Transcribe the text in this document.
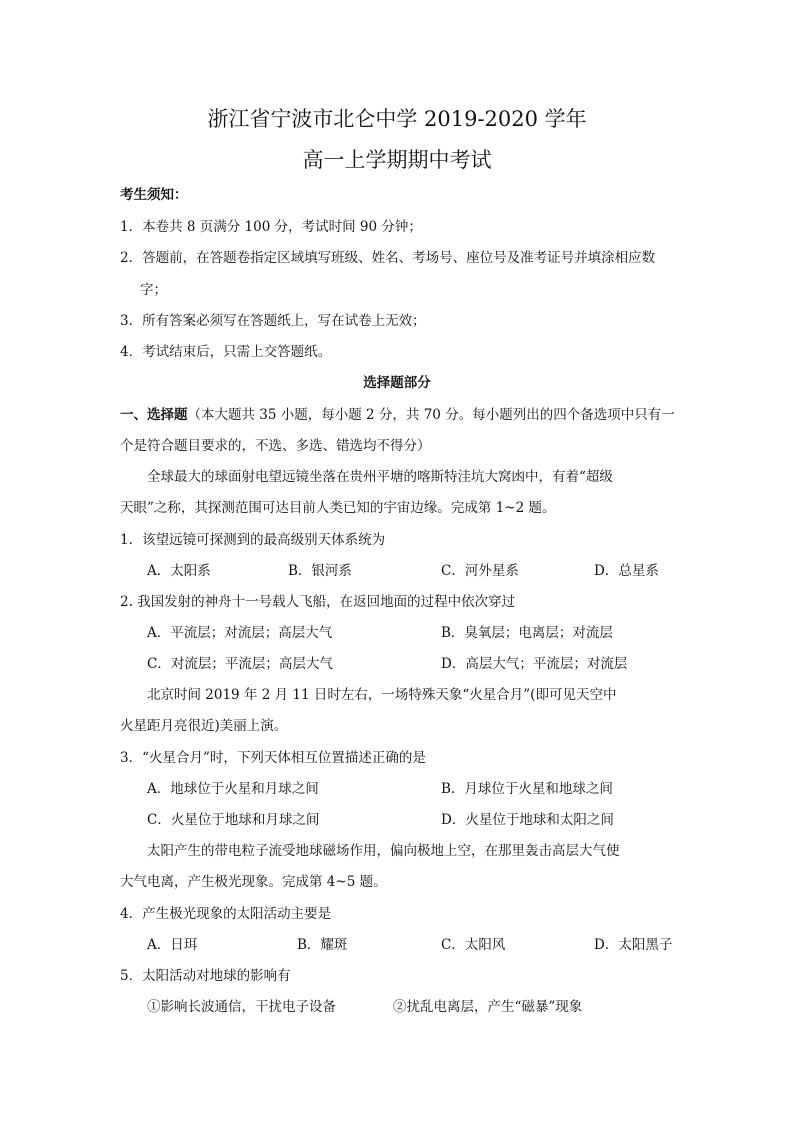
浙江省宁波市北仑中学 2019-2020 学年
高一上学期期中考试
考生须知：
1．本卷共 8 页满分 100 分，考试时间 90 分钟；
2．答题前，在答题卷指定区域填写班级、姓名、考场号、座位号及准考证号并填涂相应数
字；
3．所有答案必须写在答题纸上，写在试卷上无效；
4．考试结束后，只需上交答题纸。
选择题部分
一、选择题（本大题共 35 小题，每小题 2 分，共 70 分。每小题列出的四个备选项中只有一
个是符合题目要求的，不选、多选、错选均不得分）
全球最大的球面射电望远镜坐落在贵州平塘的喀斯特洼坑大窝凼中，有着“超级
天眼”之称，其探测范围可达目前人类已知的宇宙边缘。完成第 1~2 题。
1．该望远镜可探测到的最高级别天体系统为
A．太阳系	B．银河系	C．河外星系	D．总星系
2. 我国发射的神舟十一号载人飞船，在返回地面的过程中依次穿过
A．平流层；对流层；高层大气	B．臭氧层；电离层；对流层
C．对流层；平流层；高层大气	D．高层大气；平流层；对流层
北京时间 2019 年 2 月 11 日时左右，一场特殊天象“火星合月”(即可见天空中
火星距月亮很近)美丽上演。
3．“火星合月”时，下列天体相互位置描述正确的是
A．地球位于火星和月球之间	B．月球位于火星和地球之间
C．火星位于地球和月球之间	D．火星位于地球和太阳之间
太阳产生的带电粒子流受地球磁场作用，偏向极地上空，在那里轰击高层大气使
大气电离，产生极光现象。完成第 4~5 题。
4．产生极光现象的太阳活动主要是
A．日珥	B．耀斑	C．太阳风	D．太阳黑子
5．太阳活动对地球的影响有
①影响长波通信，干扰电子设备	②扰乱电离层，产生“磁暴”现象
